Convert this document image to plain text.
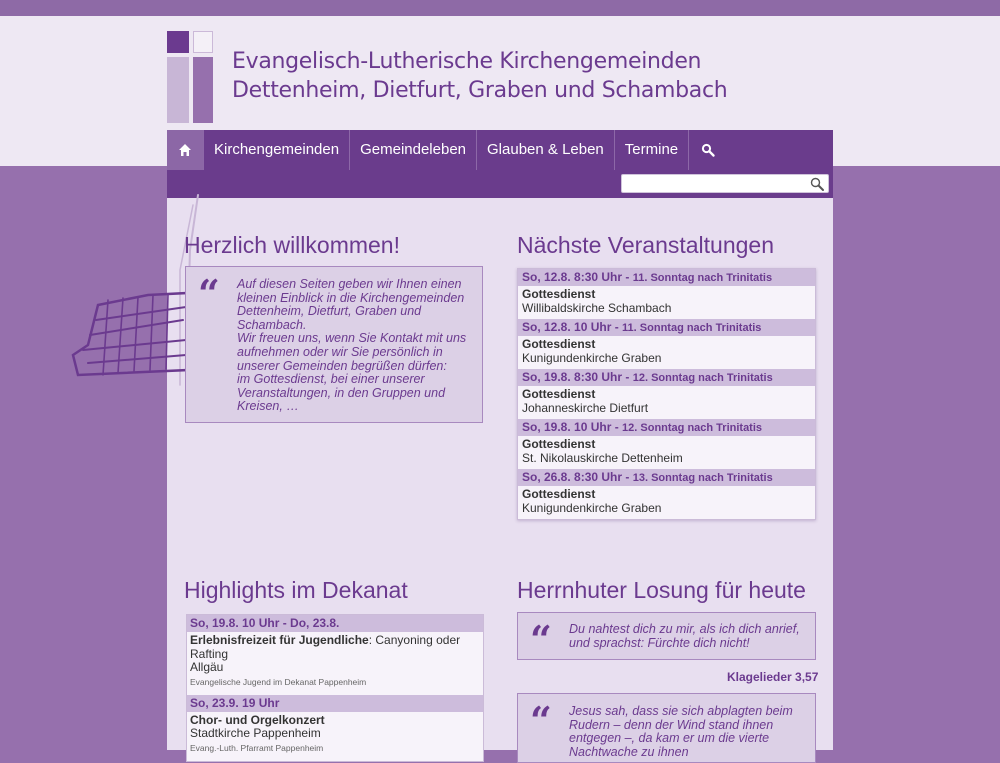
Evangelisch-Lutherische Kirchengemeinden
Dettenheim, Dietfurt, Graben und Schambach
Kirchengemeinden	Gemeindeleben	Glauben & Leben	Termine
Herzlich willkommen!
“ Auf diesen Seiten geben wir Ihnen einen kleinen Einblick in die Kirchengemeinden Dettenheim, Dietfurt, Graben und Schambach.
Wir freuen uns, wenn Sie Kontakt mit uns aufnehmen oder wir Sie persönlich in unserer Gemeinden begrüßen dürfen:
im Gottesdienst, bei einer unserer Veranstaltungen, in den Gruppen und Kreisen, …
Nächste Veranstaltungen
So, 12.8. 8:30 Uhr - 11. Sonntag nach Trinitatis
Gottesdienst
Willibaldskirche Schambach
So, 12.8. 10 Uhr - 11. Sonntag nach Trinitatis
Gottesdienst
Kunigundenkirche Graben
So, 19.8. 8:30 Uhr - 12. Sonntag nach Trinitatis
Gottesdienst
Johanneskirche Dietfurt
So, 19.8. 10 Uhr - 12. Sonntag nach Trinitatis
Gottesdienst
St. Nikolauskirche Dettenheim
So, 26.8. 8:30 Uhr - 13. Sonntag nach Trinitatis
Gottesdienst
Kunigundenkirche Graben
Highlights im Dekanat
So, 19.8. 10 Uhr - Do, 23.8.
Erlebnisfreizeit für Jugendliche: Canyoning oder Rafting
Allgäu
Evangelische Jugend im Dekanat Pappenheim
So, 23.9. 19 Uhr
Chor- und Orgelkonzert
Stadtkirche Pappenheim
Evang.-Luth. Pfarramt Pappenheim
Herrnhuter Losung für heute
“ Du nahtest dich zu mir, als ich dich anrief, und sprachst: Fürchte dich nicht!
Klagelieder 3,57
“ Jesus sah, dass sie sich abplagten beim Rudern – denn der Wind stand ihnen entgegen –, da kam er um die vierte Nachtwache zu ihnen
